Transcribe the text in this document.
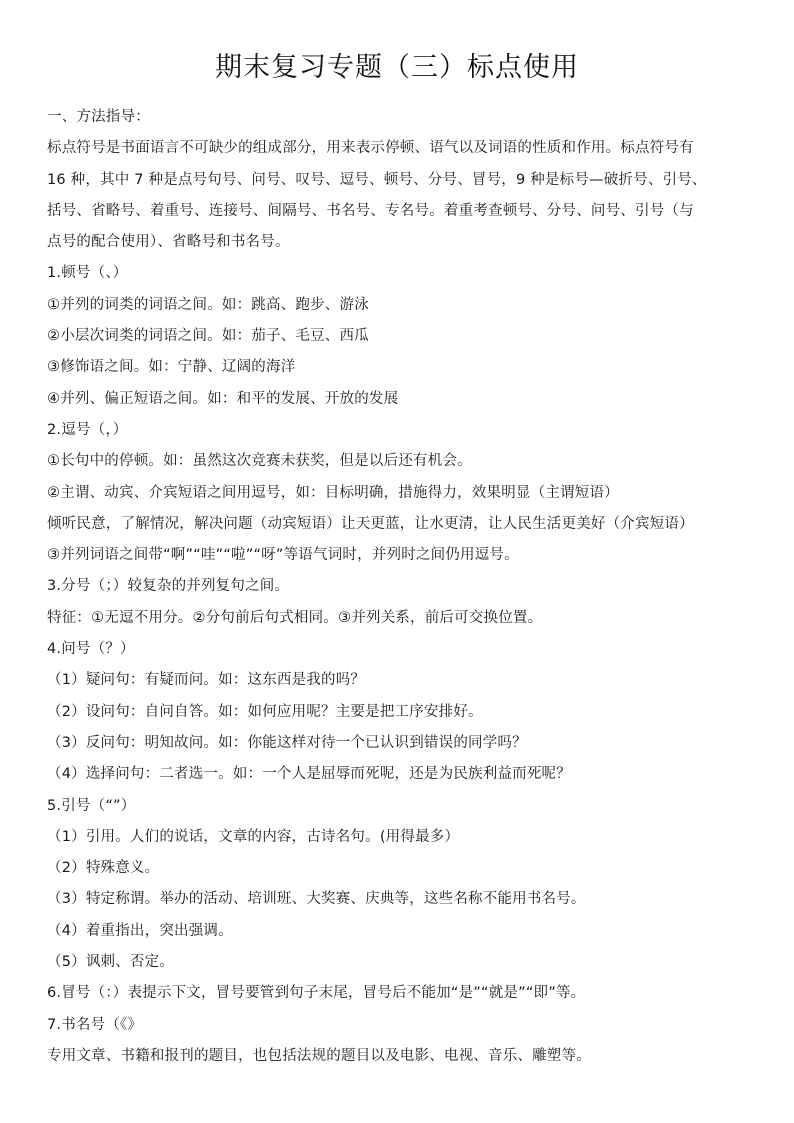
期末复习专题（三）标点使用
一、方法指导：
标点符号是书面语言不可缺少的组成部分，用来表示停顿、语气以及词语的性质和作用。标点符号有
16 种，其中 7 种是点号句号、问号、叹号、逗号、顿号、分号、冒号，9 种是标号—破折号、引号、
括号、省略号、着重号、连接号、间隔号、书名号、专名号。着重考查顿号、分号、问号、引号（与
点号的配合使用）、省略号和书名号。
1.顿号（、）
①并列的词类的词语之间。如：跳高、跑步、游泳
②小层次词类的词语之间。如：茄子、毛豆、西瓜
③修饰语之间。如：宁静、辽阔的海洋
④并列、偏正短语之间。如：和平的发展、开放的发展
2.逗号（，）
①长句中的停顿。如：虽然这次竞赛未获奖，但是以后还有机会。
②主谓、动宾、介宾短语之间用逗号，如：目标明确，措施得力，效果明显（主谓短语）
倾听民意，了解情况，解决问题（动宾短语）让天更蓝，让水更清，让人民生活更美好（介宾短语）
③并列词语之间带“啊”“哇”“啦”“呀”等语气词时，并列时之间仍用逗号。
3.分号（；）较复杂的并列复句之间。
特征：①无逗不用分。②分句前后句式相同。③并列关系，前后可交换位置。
4.问号（？）
（1）疑问句：有疑而问。如：这东西是我的吗？
（2）设问句：自问自答。如：如何应用呢？主要是把工序安排好。
（3）反问句：明知故问。如：你能这样对待一个已认识到错误的同学吗？
（4）选择问句：二者选一。如：一个人是屈辱而死呢，还是为民族利益而死呢？
5.引号（“”）
（1）引用。人们的说话，文章的内容，古诗名句。(用得最多）
（2）特殊意义。
（3）特定称谓。举办的活动、培训班、大奖赛、庆典等，这些名称不能用书名号。
（4）着重指出，突出强调。
（5）讽刺、否定。
6.冒号（：）表提示下文，冒号要管到句子末尾，冒号后不能加“是”“就是”“即”等。
7.书名号（《》
专用文章、书籍和报刊的题目，也包括法规的题目以及电影、电视、音乐、雕塑等。
